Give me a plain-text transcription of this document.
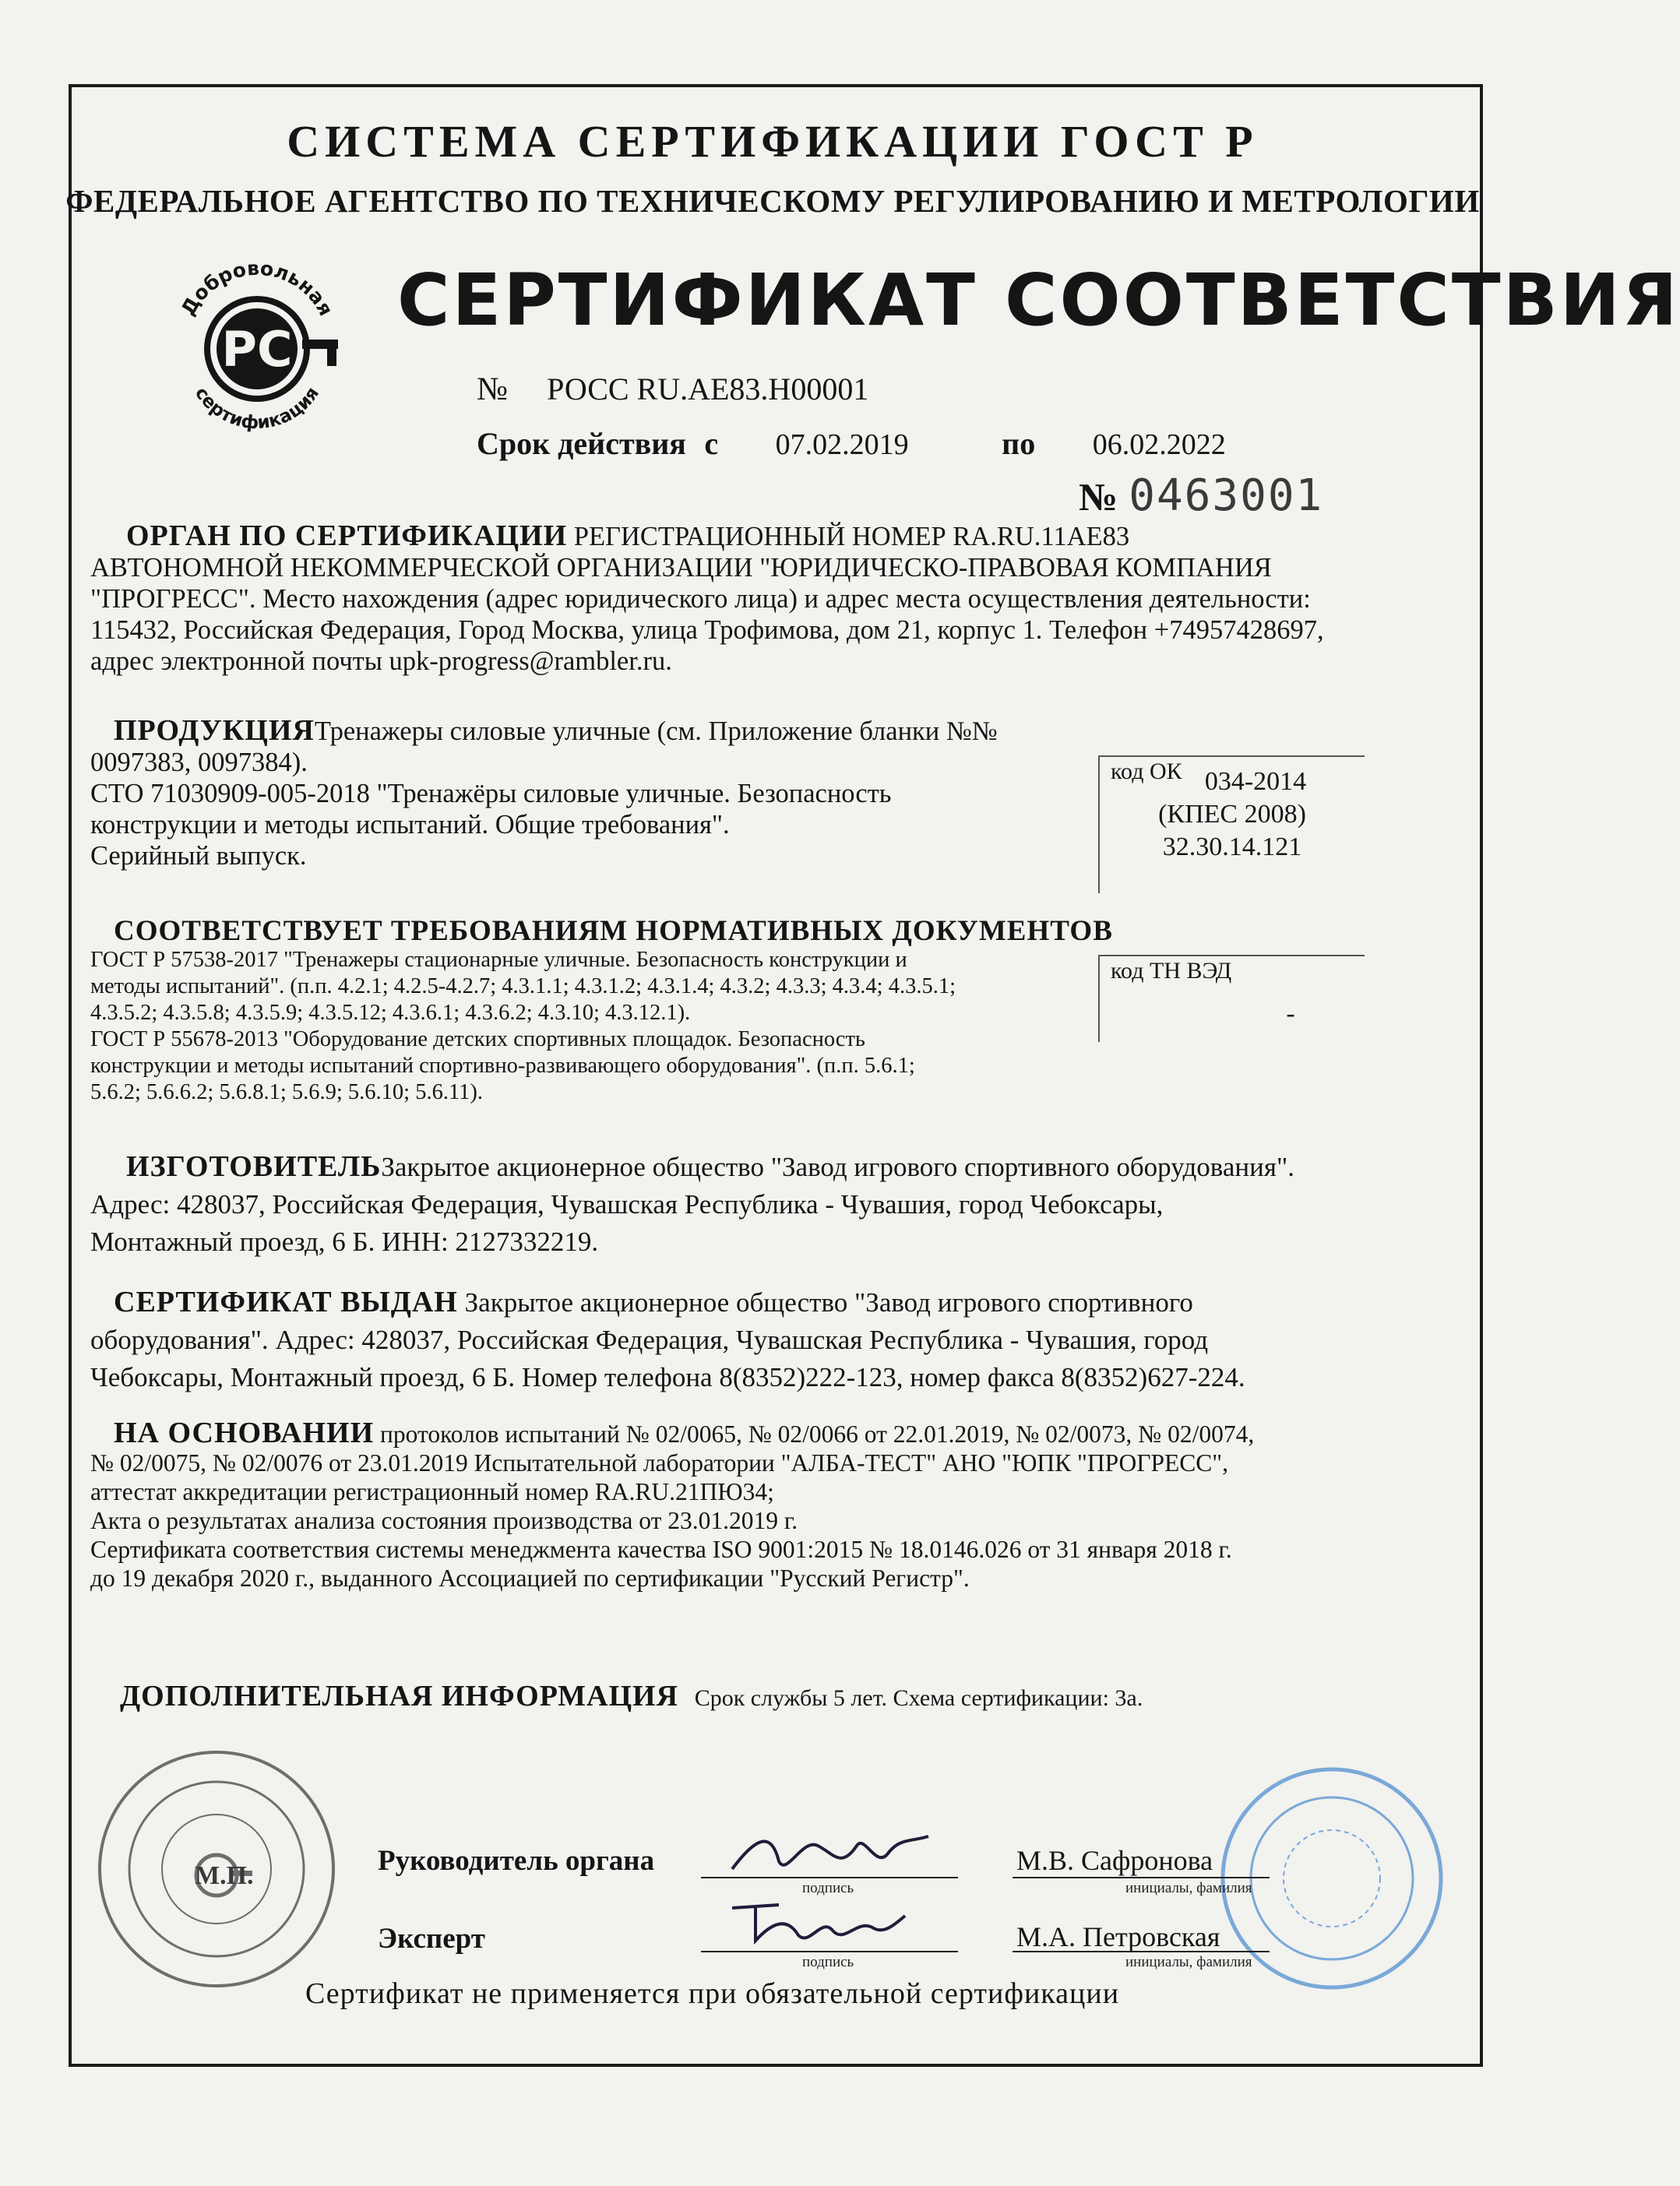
СИСТЕМА СЕРТИФИКАЦИИ ГОСТ Р
ФЕДЕРАЛЬНОЕ АГЕНТСТВО ПО ТЕХНИЧЕСКОМУ РЕГУЛИРОВАНИЮ И МЕТРОЛОГИИ
Добровольная
сертификация
PC
СЕРТИФИКАТ СООТВЕТСТВИЯ
№ РОСС RU.АЕ83.Н00001
Срок действия с 07.02.2019	по 06.02.2022
№ 0463001
ОРГАН ПО СЕРТИФИКАЦИИ РЕГИСТРАЦИОННЫЙ НОМЕР RA.RU.11АЕ83
АВТОНОМНОЙ НЕКОММЕРЧЕСКОЙ ОРГАНИЗАЦИИ "ЮРИДИЧЕСКО-ПРАВОВАЯ КОМПАНИЯ
"ПРОГРЕСС". Место нахождения (адрес юридического лица) и адрес места осуществления деятельности:
115432, Российская Федерация, Город Москва, улица Трофимова, дом 21, корпус 1. Телефон +74957428697,
адрес электронной почты upk-progress@rambler.ru.
ПРОДУКЦИЯТренажеры силовые уличные (см. Приложение бланки №№
0097383, 0097384).
СТО 71030909-005-2018 "Тренажёры силовые уличные. Безопасность
конструкции и методы испытаний. Общие требования".
Серийный выпуск.
код ОК 034-2014
(КПЕС 2008)
32.30.14.121
СООТВЕТСТВУЕТ ТРЕБОВАНИЯМ НОРМАТИВНЫХ ДОКУМЕНТОВ
ГОСТ Р 57538-2017 "Тренажеры стационарные уличные. Безопасность конструкции и
методы испытаний". (п.п. 4.2.1; 4.2.5-4.2.7; 4.3.1.1; 4.3.1.2; 4.3.1.4; 4.3.2; 4.3.3; 4.3.4; 4.3.5.1;
4.3.5.2; 4.3.5.8; 4.3.5.9; 4.3.5.12; 4.3.6.1; 4.3.6.2; 4.3.10; 4.3.12.1).
ГОСТ Р 55678-2013 "Оборудование детских спортивных площадок. Безопасность
конструкции и методы испытаний спортивно-развивающего оборудования". (п.п. 5.6.1;
5.6.2; 5.6.6.2; 5.6.8.1; 5.6.9; 5.6.10; 5.6.11).
код ТН ВЭД
-
ИЗГОТОВИТЕЛЬЗакрытое акционерное общество "Завод игрового спортивного оборудования".
Адрес: 428037, Российская Федерация, Чувашская Республика - Чувашия, город Чебоксары,
Монтажный проезд, 6 Б. ИНН: 2127332219.
СЕРТИФИКАТ ВЫДАН Закрытое акционерное общество "Завод игрового спортивного
оборудования". Адрес: 428037, Российская Федерация, Чувашская Республика - Чувашия, город
Чебоксары, Монтажный проезд, 6 Б. Номер телефона 8(8352)222-123, номер факса 8(8352)627-224.
НА ОСНОВАНИИ протоколов испытаний № 02/0065, № 02/0066 от 22.01.2019, № 02/0073, № 02/0074,
№ 02/0075, № 02/0076 от 23.01.2019 Испытательной лаборатории "АЛБА-ТЕСТ" АНО "ЮПК "ПРОГРЕСС",
аттестат аккредитации регистрационный номер RA.RU.21ПЮ34;
Акта о результатах анализа состояния производства от 23.01.2019 г.
Сертификата соответствия системы менеджмента качества ISO 9001:2015 № 18.0146.026 от 31 января 2018 г.
до 19 декабря 2020 г., выданного Ассоциацией по сертификации "Русский Регистр".
ДОПОЛНИТЕЛЬНАЯ ИНФОРМАЦИЯ Срок службы 5 лет. Схема сертификации: 3а.
М.П.	Руководитель органа
подпись
М.В. Сафронова
инициалы, фамилия
Эксперт
подпись
М.А. Петровская
инициалы, фамилия
Сертификат не применяется при обязательной сертификации
